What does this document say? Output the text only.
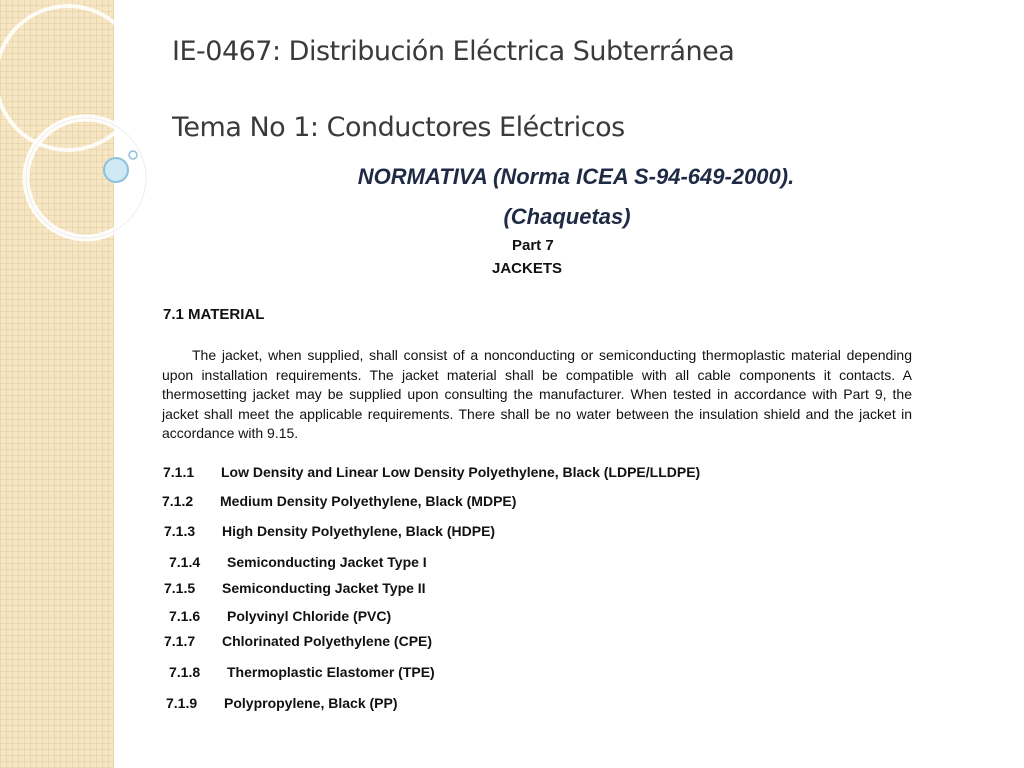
IE-0467: Distribución Eléctrica Subterránea
Tema No 1: Conductores Eléctricos
NORMATIVA (Norma ICEA S-94-649-2000).
(Chaquetas)
Part 7
JACKETS
7.1 MATERIAL
The jacket, when supplied, shall consist of a nonconducting or semiconducting thermoplastic material depending upon installation requirements. The jacket material shall be compatible with all cable components it contacts. A thermosetting jacket may be supplied upon consulting the manufacturer. When tested in accordance with Part 9, the jacket shall meet the applicable requirements. There shall be no water between the insulation shield and the jacket in accordance with 9.15.
7.1.1 Low Density and Linear Low Density Polyethylene, Black (LDPE/LLDPE)
7.1.2 Medium Density Polyethylene, Black (MDPE)
7.1.3 High Density Polyethylene, Black (HDPE)
7.1.4 Semiconducting Jacket Type I
7.1.5 Semiconducting Jacket Type II
7.1.6 Polyvinyl Chloride (PVC)
7.1.7 Chlorinated Polyethylene (CPE)
7.1.8 Thermoplastic Elastomer (TPE)
7.1.9 Polypropylene, Black (PP)
